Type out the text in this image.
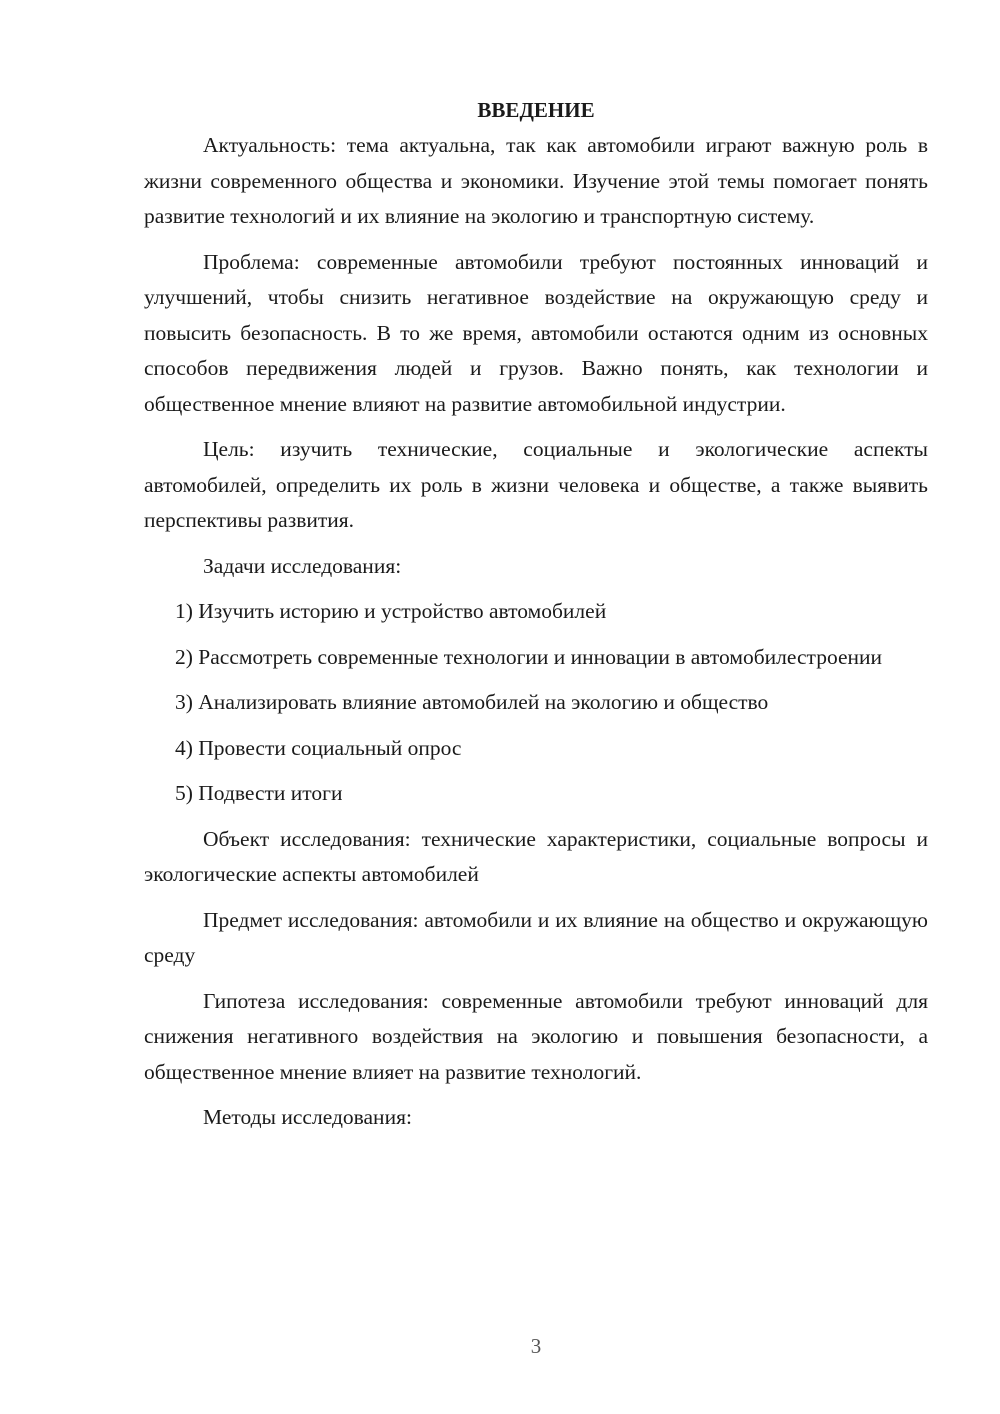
ВВЕДЕНИЕ

Актуальность: тема актуальна, так как автомобили играют важную роль в жизни современного общества и экономики. Изучение этой темы помогает понять развитие технологий и их влияние на экологию и транспортную систему.

Проблема: современные автомобили требуют постоянных инноваций и улучшений, чтобы снизить негативное воздействие на окружающую среду и повысить безопасность. В то же время, автомобили остаются одним из основных способов передвижения людей и грузов. Важно понять, как технологии и общественное мнение влияют на развитие автомобильной индустрии.

Цель: изучить технические, социальные и экологические аспекты автомобилей, определить их роль в жизни человека и обществе, а также выявить перспективы развития.

Задачи исследования:

1) Изучить историю и устройство автомобилей

2) Рассмотреть современные технологии и инновации в автомобилестроении

3) Анализировать влияние автомобилей на экологию и общество

4) Провести социальный опрос

5) Подвести итоги

Объект исследования: технические характеристики, социальные вопросы и экологические аспекты автомобилей

Предмет исследования: автомобили и их влияние на общество и окружающую среду

Гипотеза исследования: современные автомобили требуют инноваций для снижения негативного воздействия на экологию и повышения безопасности, а общественное мнение влияет на развитие технологий.

Методы исследования:

3
